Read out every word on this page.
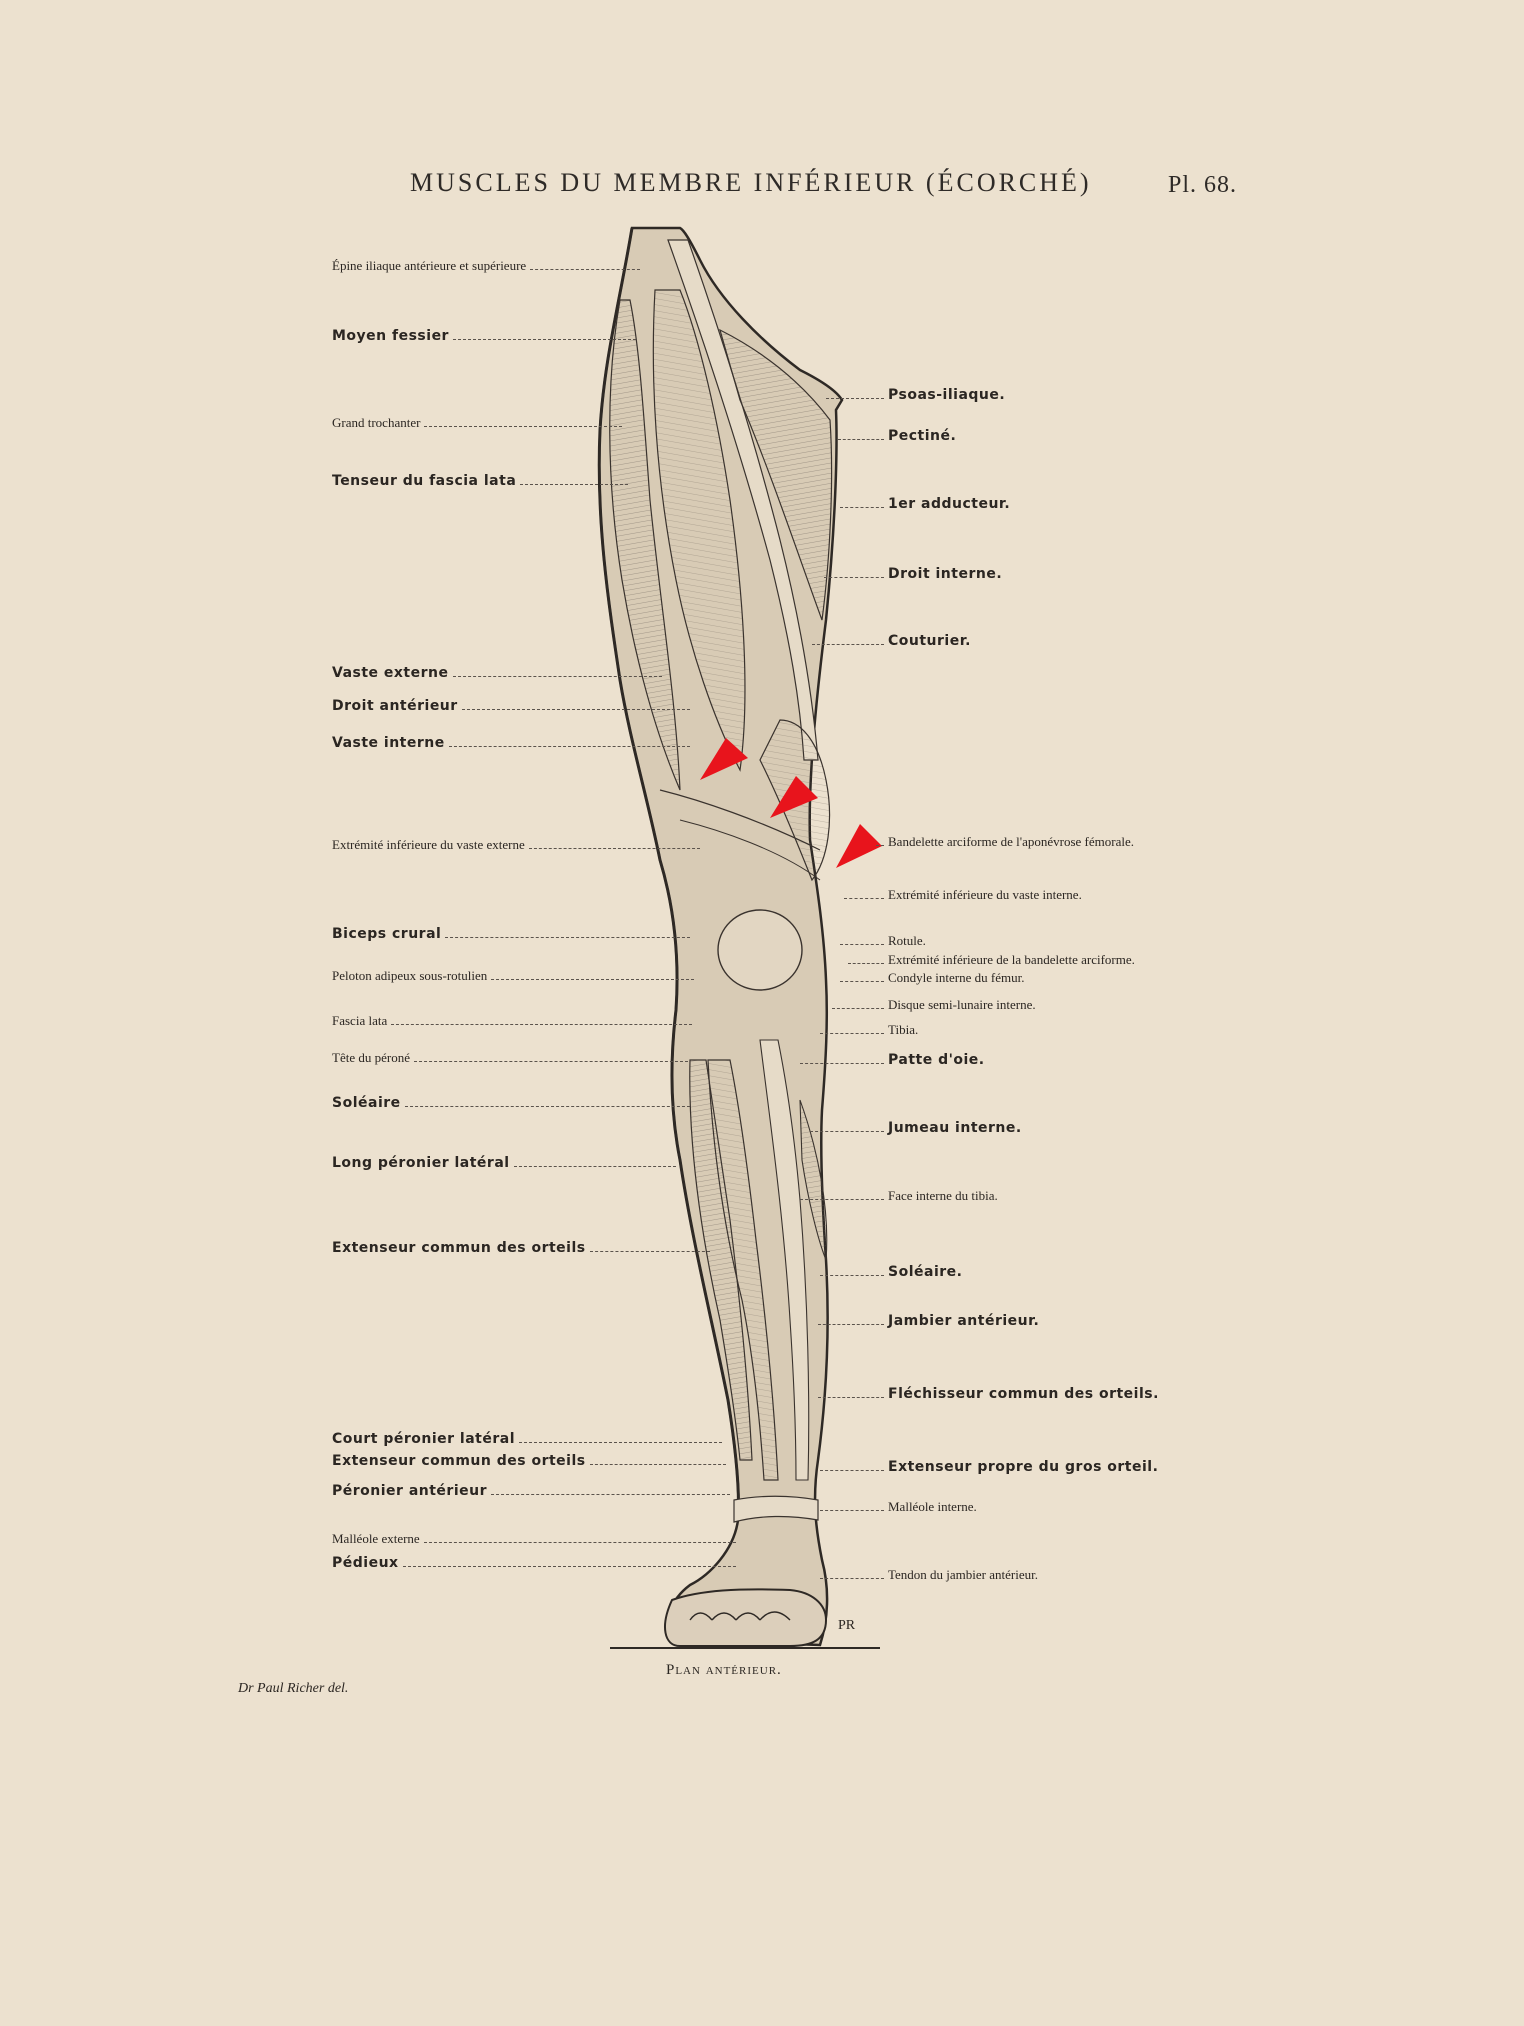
MUSCLES DU MEMBRE INFÉRIEUR (ÉCORCHÉ)	Pl. 68.
PR
Épine iliaque antérieure et supérieure
Moyen fessier
Grand trochanter
Tenseur du fascia lata
Vaste externe
Droit antérieur
Vaste interne
Extrémité inférieure du vaste externe
Biceps crural
Peloton adipeux sous-rotulien
Fascia lata
Tête du péroné
Soléaire
Long péronier latéral
Extenseur commun des orteils
Court péronier latéral
Extenseur commun des orteils
Péronier antérieur
Malléole externe
Pédieux
Psoas-iliaque.
Pectiné.
1er adducteur.
Droit interne.
Couturier.
Bandelette arciforme de l'aponévrose fémorale.
Extrémité inférieure du vaste interne.
Rotule.
Extrémité inférieure de la bandelette arciforme.
Condyle interne du fémur.
Disque semi-lunaire interne.
Tibia.
Patte d'oie.
Jumeau interne.
Face interne du tibia.
Soléaire.
Jambier antérieur.
Fléchisseur commun des orteils.
Extenseur propre du gros orteil.
Malléole interne.
Tendon du jambier antérieur.
Plan antérieur.
Dr Paul Richer del.
